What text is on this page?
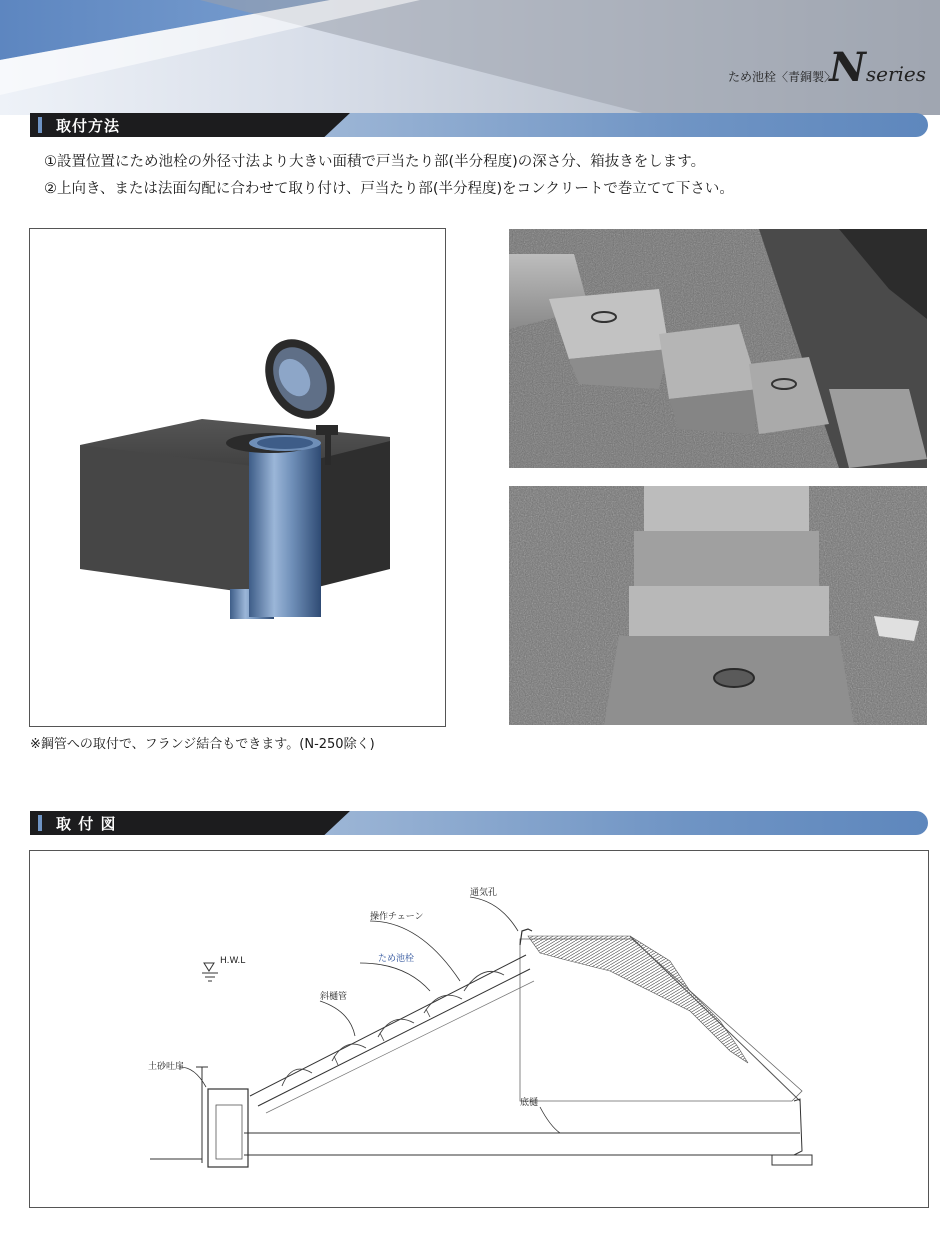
ため池栓〈青銅製〉
Nseries
取付方法
①設置位置にため池栓の外径寸法より大きい面積で戸当たり部(半分程度)の深さ分、箱抜きをします。
②上向き、または法面勾配に合わせて取り付け、戸当たり部(半分程度)をコンクリートで巻立てて下さい。
※鋼管への取付で、フランジ結合もできます。(N-250除く)
取 付 図
通気孔
操作チェーン
ため池栓
H.W.L
斜樋管
土砂吐扉
底樋
